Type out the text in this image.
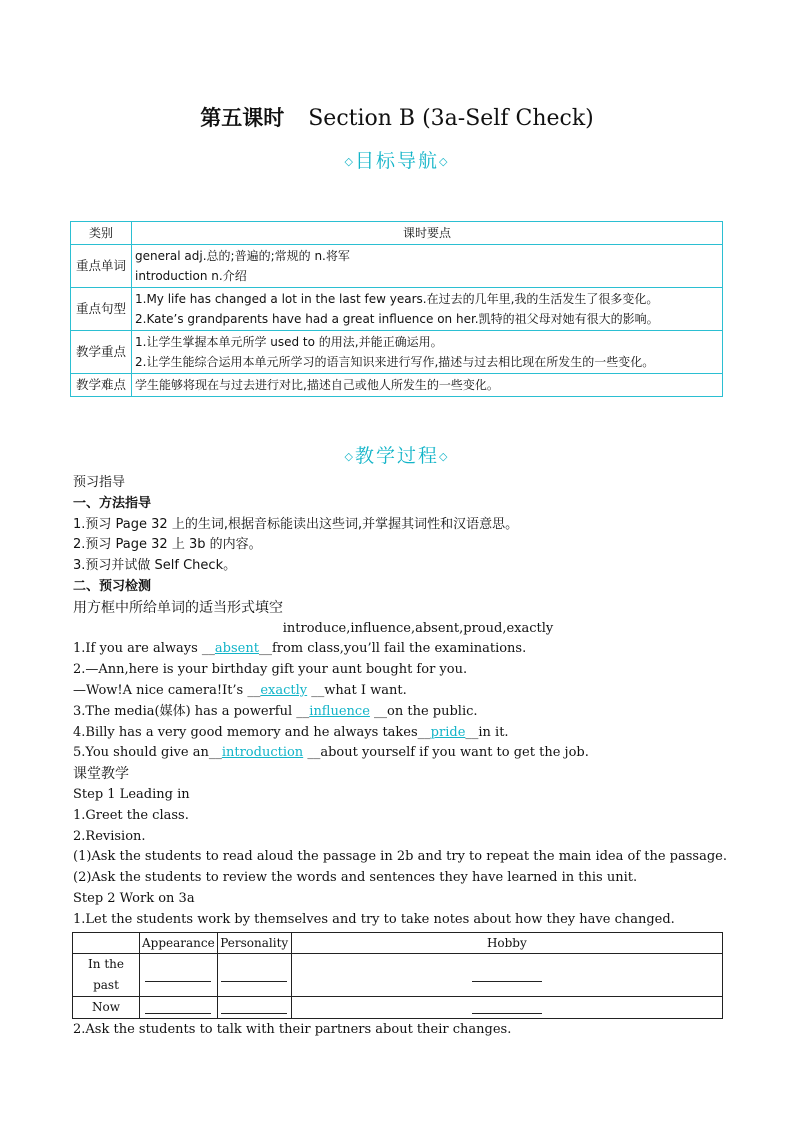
第五课时 Section B (3a-Self Check)
◇目标导航◇
类别	课时要点
重点单词	general adj.总的;普遍的;常规的 n.将军
introduction n.介绍

重点句型	1.My life has changed a lot in the last few years.在过去的几年里,我的生活发生了很多变化。
2.Kate’s grandparents have had a great influence on her.凯特的祖父母对她有很大的影响。

教学重点	1.让学生掌握本单元所学 used to 的用法,并能正确运用。
2.让学生能综合运用本单元所学习的语言知识来进行写作,描述与过去相比现在所发生的一些变化。

教学难点	学生能够将现在与过去进行对比,描述自己或他人所发生的一些变化。
◇教学过程◇
预习指导
一、方法指导
1.预习 Page 32 上的生词,根据音标能读出这些词,并掌握其词性和汉语意思。
2.预习 Page 32 上 3b 的内容。
3.预习并试做 Self Check。
二、预习检测
用方框中所给单词的适当形式填空
introduce,influence,absent,proud,exactly
1.If you are always __absent__from class,you’ll fail the examinations.
2.—Ann,here is your birthday gift your aunt bought for you.
—Wow!A nice camera!It’s __exactly __what I want.
3.The media(媒体) has a powerful __influence __on the public.
4.Billy has a very good memory and he always takes__pride__in it.
5.You should give an__introduction __about yourself if you want to get the job.
课堂教学
Step 1 Leading in
1.Greet the class.
2.Revision.
(1)Ask the students to read aloud the passage in 2b and try to repeat the main idea of the passage.
(2)Ask the students to review the words and sentences they have learned in this unit.
Step 2 Work on 3a
1.Let the students work by themselves and try to take notes about how they have changed.
	Appearance	Personality	Hobby
In the past			
Now			
2.Ask the students to talk with their partners about their changes.
